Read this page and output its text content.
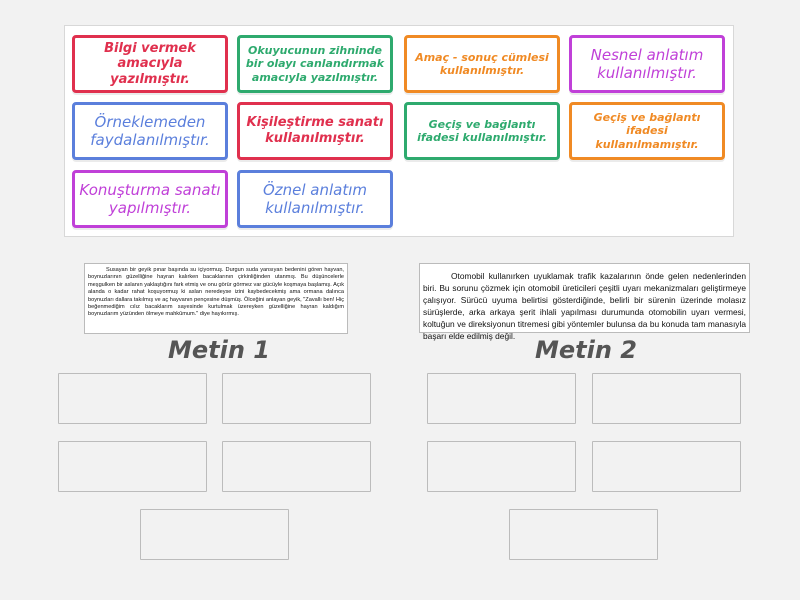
Bilgi vermek amacıyla yazılmıştır.
Okuyucunun zihninde bir olayı canlandırmak amacıyla yazılmıştır.
Amaç - sonuç cümlesi kullanılmıştır.
Nesnel anlatım kullanılmıştır.
Örneklemeden faydalanılmıştır.
Kişileştirme sanatı kullanılmıştır.
Geçiş ve bağlantı ifadesi kullanılmıştır.
Geçiş ve bağlantı ifadesi kullanılmamıştır.
Konuşturma sanatı yapılmıştır.
Öznel anlatım kullanılmıştır.
Susayan bir geyik pınar başında su içiyormuş. Durgun suda yansıyan bedenini gören hayvan, boynuzlarının güzelliğine hayran kalırken bacaklarının çirkinliğinden utanmış. Bu düşüncelerle meşgulken bir aslanın yaklaştığını fark etmiş ve onu görür görmez var gücüyle koşmaya başlamış. Açık alanda o kadar rahat koşuyormuş ki aslan neredeyse izini kaybedecekmiş ama ormana dalınca boynuzları dallara takılmış ve aç hayvanın pençesine düşmüş. Ölceğini anlayan geyik, "Zavallı ben! Hiç beğenmediğim cılız bacaklarım sayesinde kurtulmak üzereyken güzelliğine hayran kaldığım boynuzlarım yüzünden ölmeye mahkûmum." diye hayıkırmış.
Otomobil kullanırken uyuklamak trafik kazalarının önde gelen nedenlerinden biri. Bu sorunu çözmek için otomobil üreticileri çeşitli uyarı mekanizmaları geliştirmeye çalışıyor. Sürücü uyuma belirtisi gösterdiğinde, belirli bir sürenin üzerinde molasız sürüşlerde, arka arkaya şerit ihlali yapılması durumunda otomobilin uyarı vermesi, koltuğun ve direksiyonun titremesi gibi yöntemler bulunsa da bu konuda tam manasıyla başarı elde edilmiş değil.
Metin 1	Metin 2
